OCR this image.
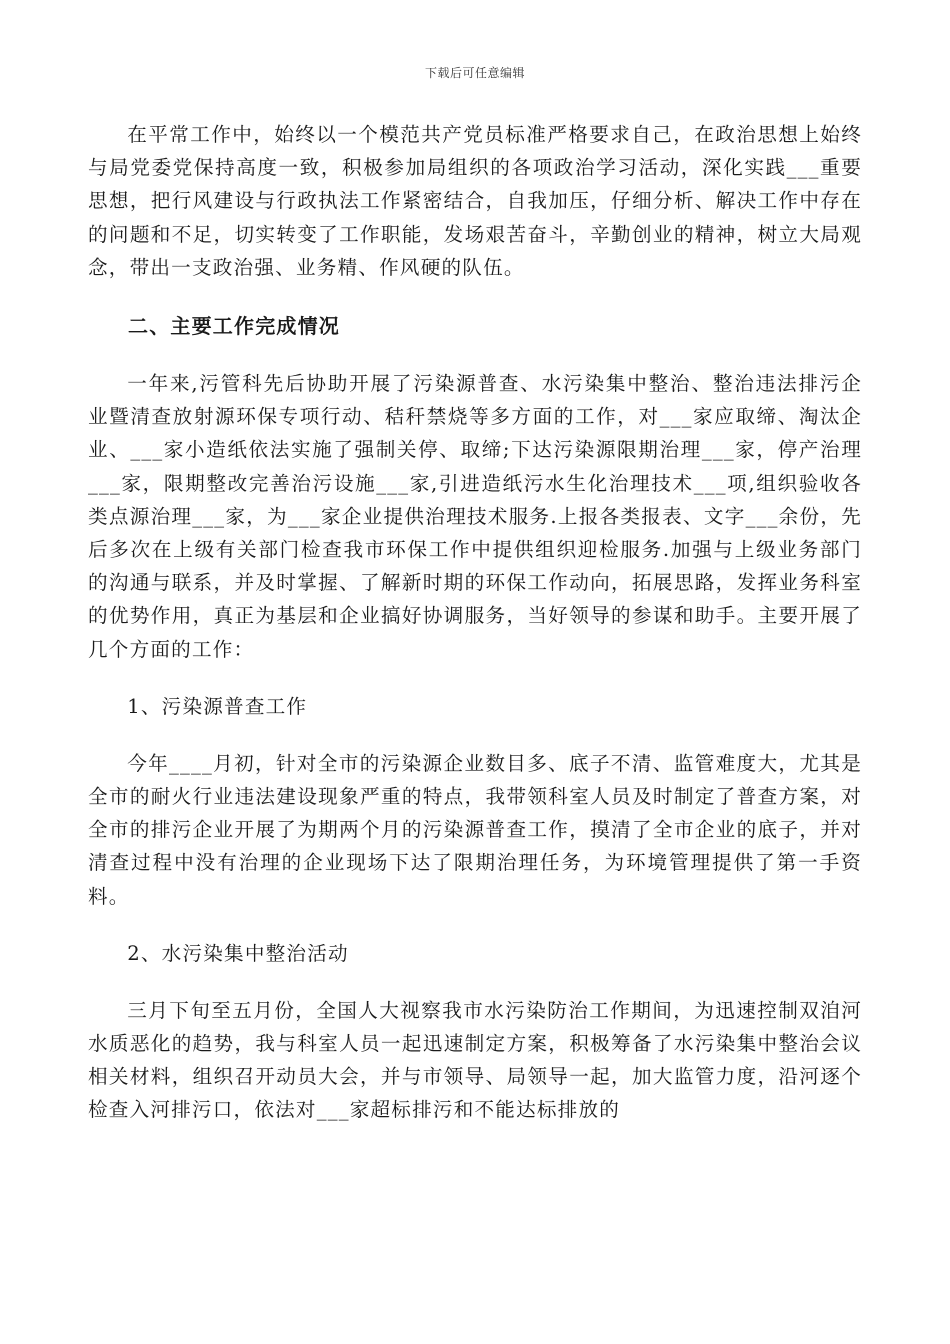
下载后可任意编辑

在平常工作中，始终以一个模范共产党员标准严格要求自己，在政治思想上始终与局党委党保持高度一致，积极参加局组织的各项政治学习活动，深化实践___重要思想，把行风建设与行政执法工作紧密结合，自我加压，仔细分析、解决工作中存在的问题和不足，切实转变了工作职能，发场艰苦奋斗，辛勤创业的精神，树立大局观念，带出一支政治强、业务精、作风硬的队伍。

二、主要工作完成情况

一年来,污管科先后协助开展了污染源普查、水污染集中整治、整治违法排污企业暨清查放射源环保专项行动、秸秆禁烧等多方面的工作，对___家应取缔、淘汰企业、___家小造纸依法实施了强制关停、取缔;下达污染源限期治理___家，停产治理___家，限期整改完善治污设施___家,引进造纸污水生化治理技术___项,组织验收各类点源治理___家，为___家企业提供治理技术服务.上报各类报表、文字___余份，先后多次在上级有关部门检查我市环保工作中提供组织迎检服务.加强与上级业务部门的沟通与联系，并及时掌握、了解新时期的环保工作动向，拓展思路，发挥业务科室的优势作用，真正为基层和企业搞好协调服务，当好领导的参谋和助手。主要开展了几个方面的工作：

1、污染源普查工作

今年____月初，针对全市的污染源企业数目多、底子不清、监管难度大，尤其是全市的耐火行业违法建设现象严重的特点，我带领科室人员及时制定了普查方案，对全市的排污企业开展了为期两个月的污染源普查工作，摸清了全市企业的底子，并对清查过程中没有治理的企业现场下达了限期治理任务，为环境管理提供了第一手资料。

2、水污染集中整治活动

三月下旬至五月份，全国人大视察我市水污染防治工作期间，为迅速控制双洎河水质恶化的趋势，我与科室人员一起迅速制定方案，积极筹备了水污染集中整治会议相关材料，组织召开动员大会，并与市领导、局领导一起，加大监管力度，沿河逐个检查入河排污口，依法对___家超标排污和不能达标排放的
